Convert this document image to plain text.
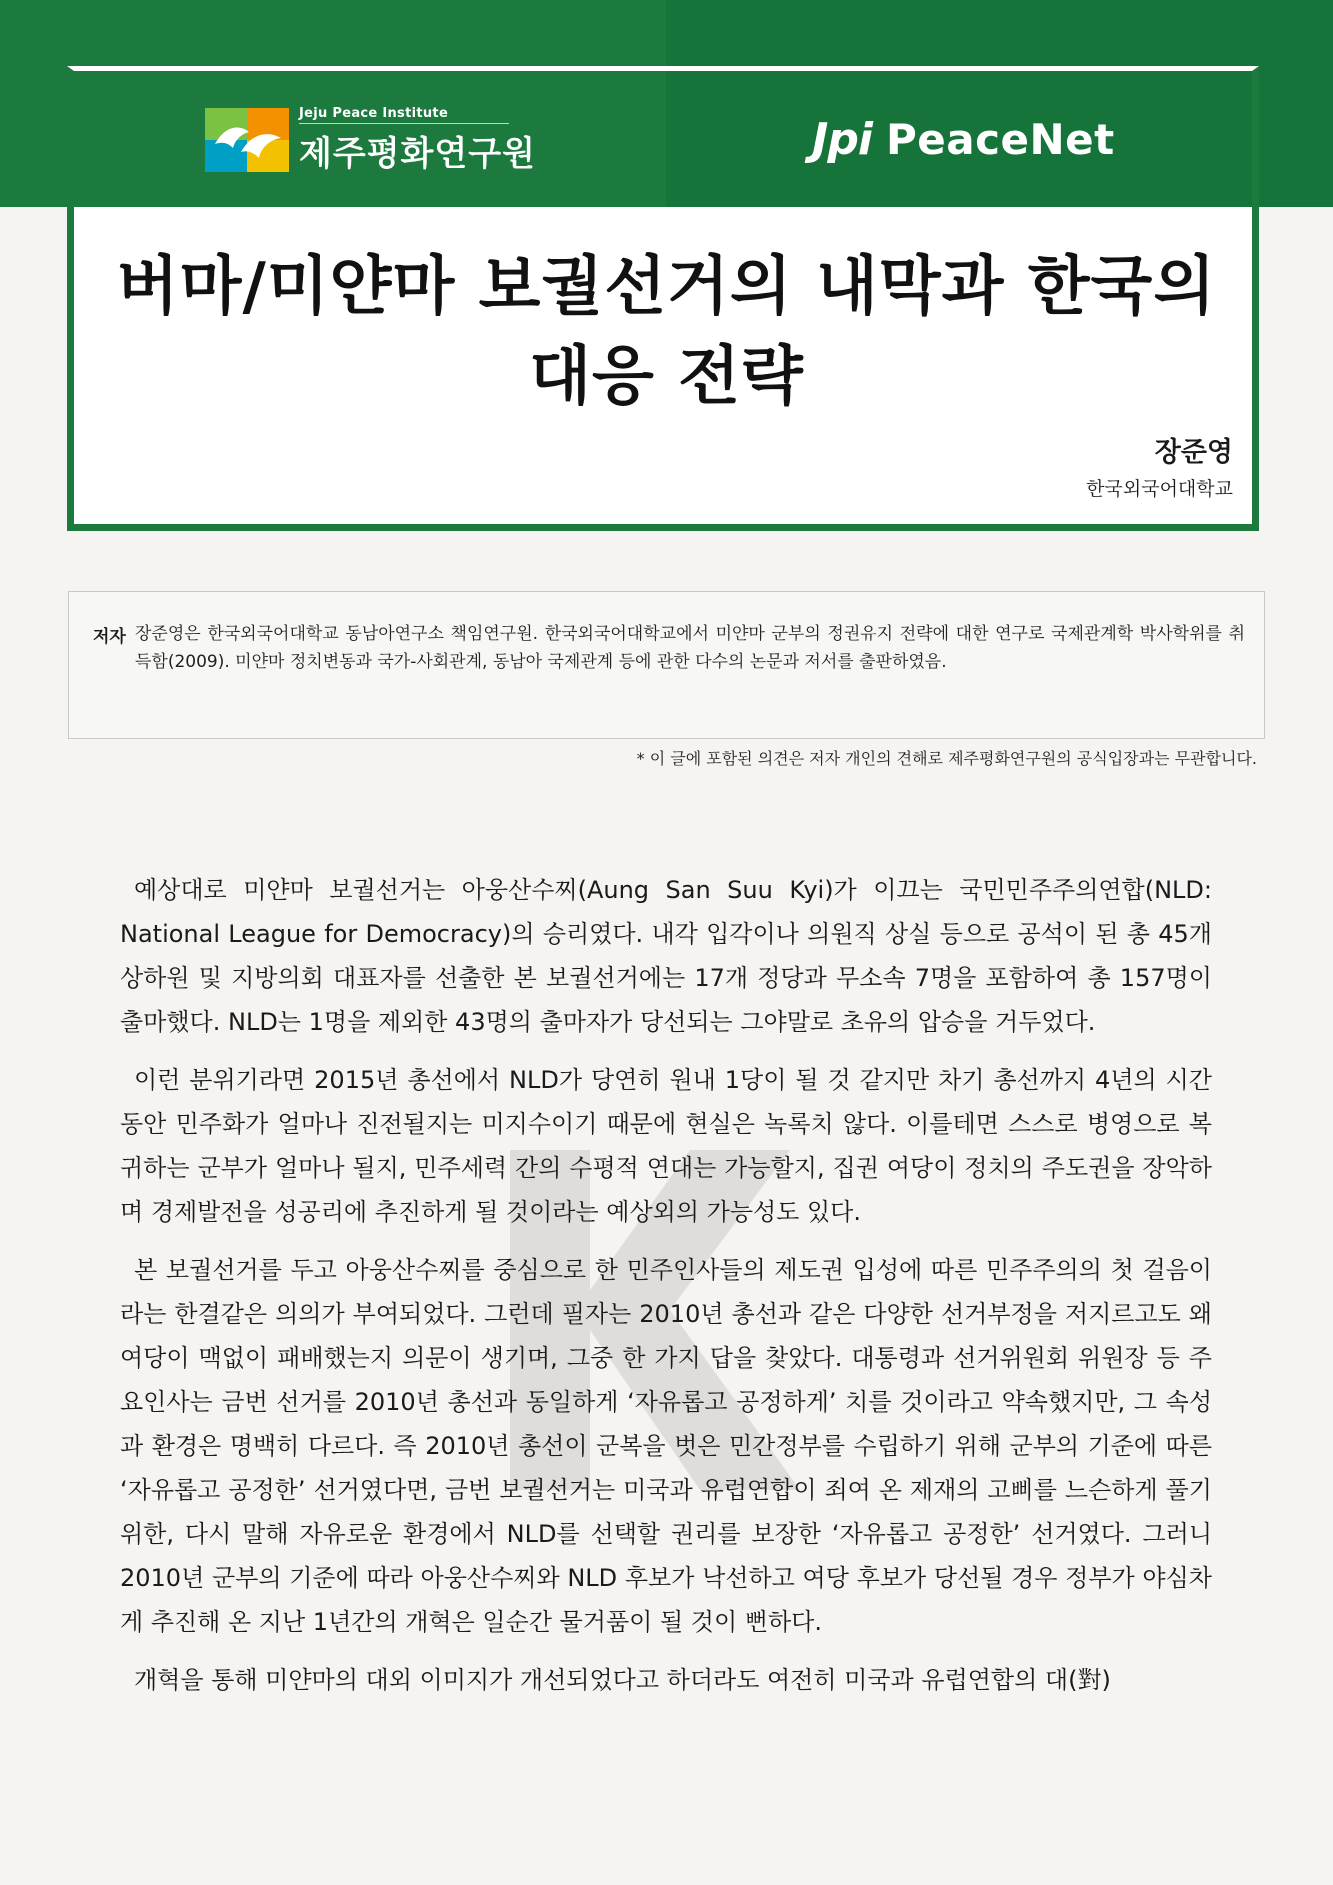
Jeju Peace Institute
제주평화연구원	Jpi PeaceNet
버마/미얀마 보궐선거의 내막과 한국의
대응 전략
장준영
한국외국어대학교
저자 장준영은 한국외국어대학교 동남아연구소 책임연구원. 한국외국어대학교에서 미얀마 군부의 정권유지 전략에 대한 연구로 국제관계학 박사학위를 취득함(2009). 미얀마 정치변동과 국가-사회관계, 동남아 국제관계 등에 관한 다수의 논문과 저서를 출판하였음.
* 이 글에 포함된 의견은 저자 개인의 견해로 제주평화연구원의 공식입장과는 무관합니다.

예상대로 미얀마 보궐선거는 아웅산수찌(Aung San Suu Kyi)가 이끄는 국민민주주의연합(NLD: National League for Democracy)의 승리였다. 내각 입각이나 의원직 상실 등으로 공석이 된 총 45개 상하원 및 지방의회 대표자를 선출한 본 보궐선거에는 17개 정당과 무소속 7명을 포함하여 총 157명이 출마했다. NLD는 1명을 제외한 43명의 출마자가 당선되는 그야말로 초유의 압승을 거두었다.

이런 분위기라면 2015년 총선에서 NLD가 당연히 원내 1당이 될 것 같지만 차기 총선까지 4년의 시간동안 민주화가 얼마나 진전될지는 미지수이기 때문에 현실은 녹록치 않다. 이를테면 스스로 병영으로 복귀하는 군부가 얼마나 될지, 민주세력 간의 수평적 연대는 가능할지, 집권 여당이 정치의 주도권을 장악하며 경제발전을 성공리에 추진하게 될 것이라는 예상외의 가능성도 있다.

본 보궐선거를 두고 아웅산수찌를 중심으로 한 민주인사들의 제도권 입성에 따른 민주주의의 첫 걸음이라는 한결같은 의의가 부여되었다. 그런데 필자는 2010년 총선과 같은 다양한 선거부정을 저지르고도 왜 여당이 맥없이 패배했는지 의문이 생기며, 그중 한 가지 답을 찾았다. 대통령과 선거위원회 위원장 등 주요인사는 금번 선거를 2010년 총선과 동일하게 ‘자유롭고 공정하게’ 치를 것이라고 약속했지만, 그 속성과 환경은 명백히 다르다. 즉 2010년 총선이 군복을 벗은 민간정부를 수립하기 위해 군부의 기준에 따른 ‘자유롭고 공정한’ 선거였다면, 금번 보궐선거는 미국과 유럽연합이 죄여 온 제재의 고삐를 느슨하게 풀기 위한, 다시 말해 자유로운 환경에서 NLD를 선택할 권리를 보장한 ‘자유롭고 공정한’ 선거였다. 그러니 2010년 군부의 기준에 따라 아웅산수찌와 NLD 후보가 낙선하고 여당 후보가 당선될 경우 정부가 야심차게 추진해 온 지난 1년간의 개혁은 일순간 물거품이 될 것이 뻔하다.

개혁을 통해 미얀마의 대외 이미지가 개선되었다고 하더라도 여전히 미국과 유럽연합의 대(對)
